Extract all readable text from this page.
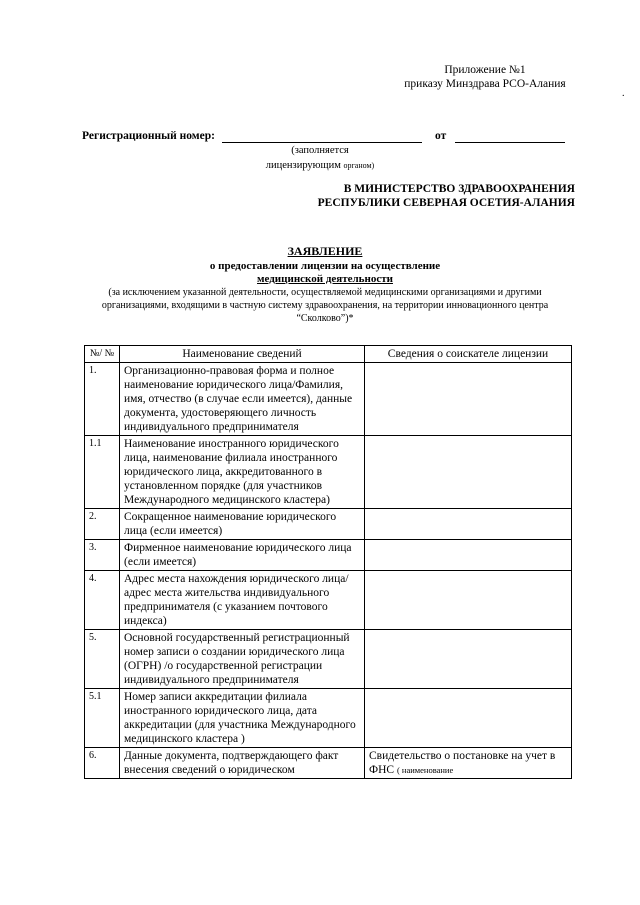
Приложение №1
приказу Минздрава РСО-Алания
.
Регистрационный номер:	от
(заполняется
лицензирующим органом)
В МИНИСТЕРСТВО ЗДРАВООХРАНЕНИЯ
РЕСПУБЛИКИ СЕВЕРНАЯ ОСЕТИЯ-АЛАНИЯ
ЗАЯВЛЕНИЕ
о предоставлении лицензии на осуществление
медицинской деятельности
(за исключением указанной деятельности, осуществляемой медицинскими организациями и другими организациями, входящими в частную систему здравоохранения, на территории инновационного центра “Сколково”)*
№/ №	Наименование сведений	Сведения о соискателе лицензии
1.	Организационно-правовая форма и полное наименование юридического лица/Фамилия, имя, отчество (в случае если имеется), данные документа, удостоверяющего личность индивидуального предпринимателя	
1.1	Наименование иностранного юридического лица, наименование филиала иностранного юридического лица, аккредитованного в установленном порядке (для участников Международного медицинского кластера)	
2.	Сокращенное наименование юридического лица (если имеется)	
3.	Фирменное наименование юридического лица (если имеется)	
4.	Адрес места нахождения юридического лица/адрес места жительства индивидуального предпринимателя (с указанием почтового индекса)	
5.	Основной государственный регистрационный номер записи о создании юридического лица (ОГРН) /о государственной регистрации индивидуального предпринимателя	
5.1	Номер записи аккредитации филиала иностранного юридического лица, дата аккредитации (для участника Международного медицинского кластера )	
6.	Данные документа, подтверждающего факт внесения сведений о юридическом	Свидетельство о постановке на учет в ФНС ( наименование
